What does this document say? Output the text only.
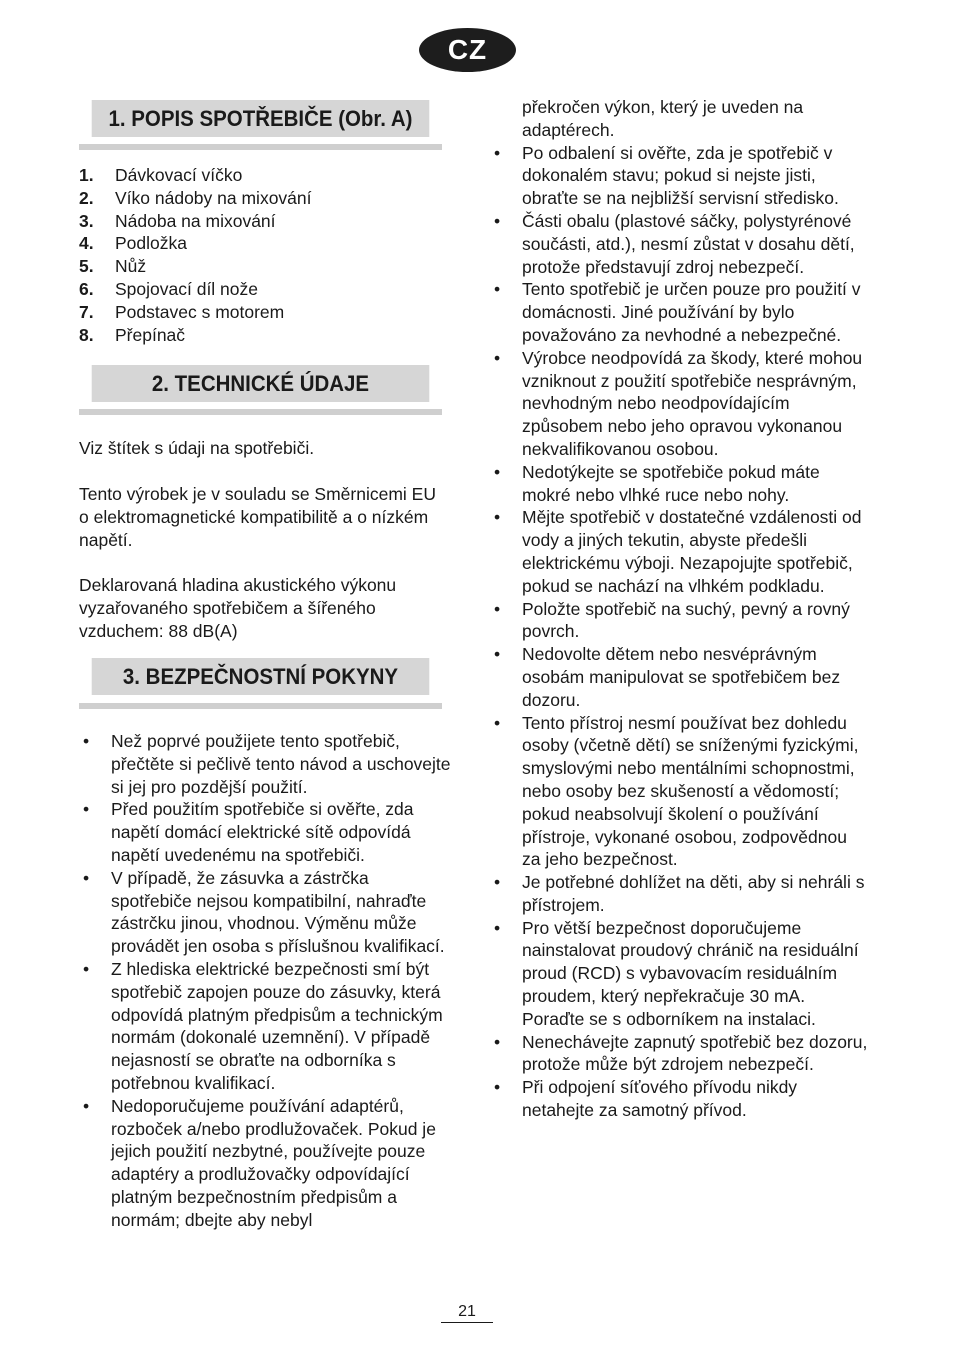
CZ
1. POPIS SPOTŘEBIČE (Obr. A)
1.	Dávkovací víčko
2.	Víko nádoby na mixování
3.	Nádoba na mixování
4.	Podložka
5.	Nůž
6.	Spojovací díl nože
7.	Podstavec s motorem
8.	Přepínač
2. TECHNICKÉ ÚDAJE

Viz štítek s údaji na spotřebiči.

Tento výrobek je v souladu se Směrnicemi EU o elektromagnetické kompatibilitě a o nízkém napětí.

Deklarovaná hladina akustického výkonu vyzařovaného spotřebičem a šířeného vzduchem: 88 dB(A)

3. BEZPEČNOSTNÍ POKYNY
• Než poprvé použijete tento spotřebič, přečtěte si pečlivě tento návod a uschovejte si jej pro pozdější použití.
• Před použitím spotřebiče si ověřte, zda napětí domácí elektrické sítě odpovídá napětí uvedenému na spotřebiči.
• V případě, že zásuvka a zástrčka spotřebiče nejsou kompatibilní, nahraďte zástrčku jinou, vhodnou. Výměnu může provádět jen osoba s příslušnou kvalifikací.
• Z hlediska elektrické bezpečnosti smí být spotřebič zapojen pouze do zásuvky, která odpovídá platným předpisům a technickým normám (dokonalé uzemnění). V případě nejasností se obraťte na odborníka s potřebnou kvalifikací.
• Nedoporučujeme používání adaptérů, rozboček a/nebo prodlužovaček. Pokud je jejich použití nezbytné, používejte pouze adaptéry a prodlužovačky odpovídající platným bezpečnostním předpisům a normám; dbejte aby nebyl
překročen výkon, který je uveden na adaptérech.
• Po odbalení si ověřte, zda je spotřebič v dokonalém stavu; pokud si nejste jisti, obraťte se na nejbližší servisní středisko.
• Části obalu (plastové sáčky, polystyrénové součásti, atd.), nesmí zůstat v dosahu dětí, protože představují zdroj nebezpečí.
• Tento spotřebič je určen pouze pro použití v domácnosti. Jiné používání by bylo považováno za nevhodné a nebezpečné.
• Výrobce neodpovídá za škody, které mohou vzniknout z použití spotřebiče nesprávným, nevhodným nebo neodpovídajícím způsobem nebo jeho opravou vykonanou nekvalifikovanou osobou.
• Nedotýkejte se spotřebiče pokud máte mokré nebo vlhké ruce nebo nohy.
• Mějte spotřebič v dostatečné vzdálenosti od vody a jiných tekutin, abyste předešli elektrickému výboji. Nezapojujte spotřebič, pokud se nachází na vlhkém podkladu.
• Položte spotřebič na suchý, pevný a rovný povrch.
• Nedovolte dětem nebo nesvéprávným osobám manipulovat se spotřebičem bez dozoru.
• Tento přístroj nesmí používat bez dohledu osoby (včetně dětí) se sníženými fyzickými, smyslovými nebo mentálními schopnostmi, nebo osoby bez skušeností a vědomostí; pokud neabsolvují školení o používání přístroje, vykonané osobou, zodpovědnou za jeho bezpečnost.
• Je potřebné dohlížet na děti, aby si nehráli s přístrojem.
• Pro větší bezpečnost doporučujeme nainstalovat proudový chránič na residuální proud (RCD) s vybavovacím residuálním proudem, který nepřekračuje 30 mA. Poraďte se s odborníkem na instalaci.
• Nenechávejte zapnutý spotřebič bez dozoru, protože může být zdrojem nebezpečí.
• Při odpojení síťového přívodu nikdy netahejte za samotný přívod.
21
